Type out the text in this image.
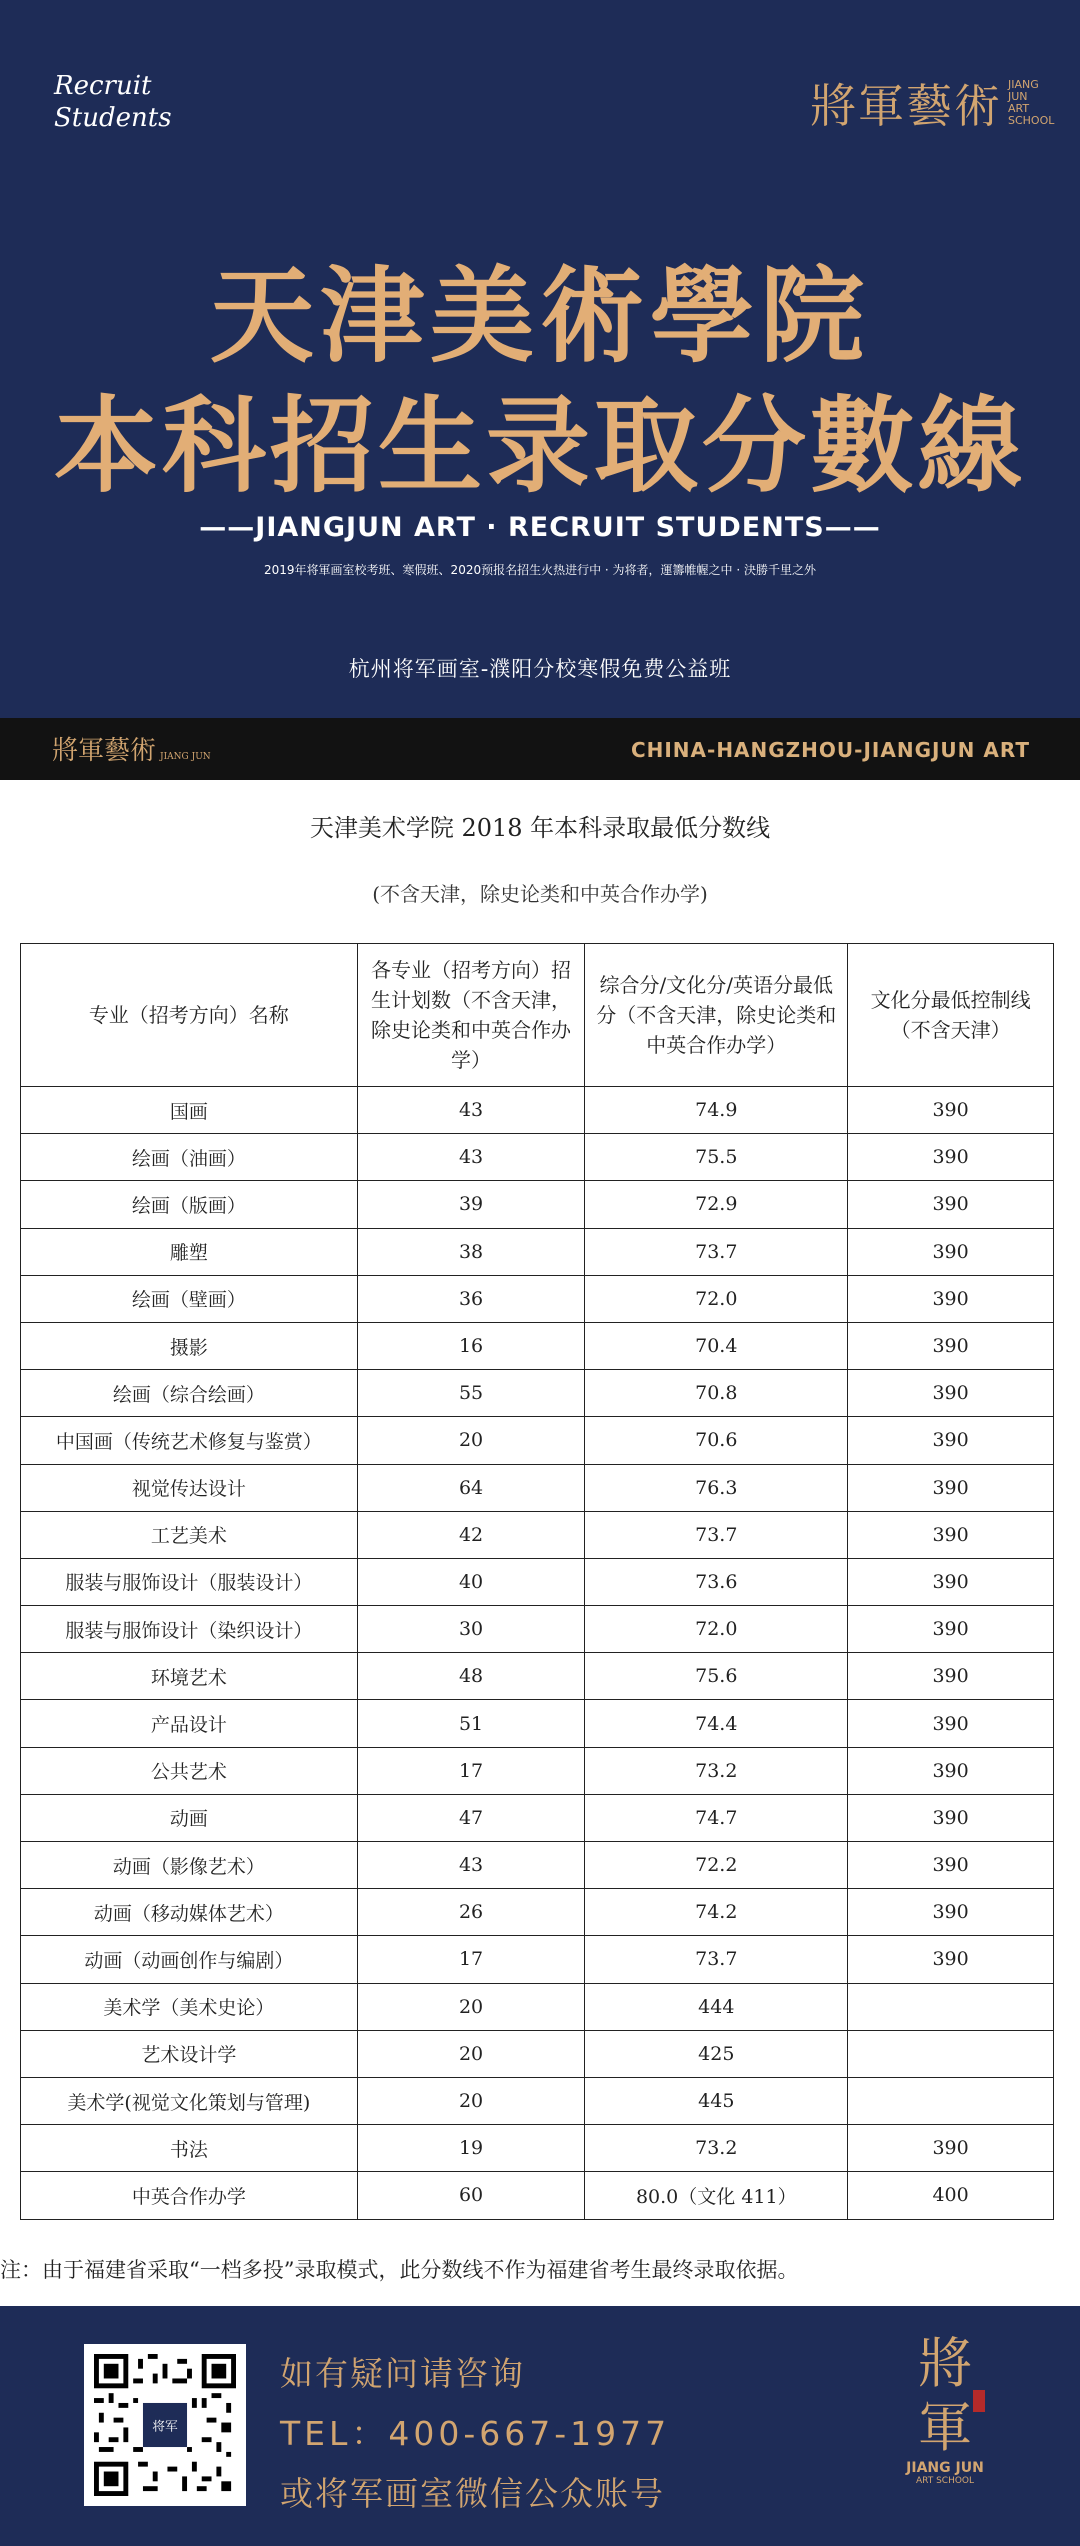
Recruit
Students	將軍藝術 JIANG JUN ART SCHOOL
天津美術學院
本科招生录取分數線
——JIANGJUN ART · RECRUIT STUDENTS——
2019年将軍画室校考班、寒假班、2020预报名招生火热进行中 · 为将者，運籌帷幄之中 · 決勝千里之外
杭州将军画室-濮阳分校寒假免费公益班
將軍藝術 JIANG JUN	CHINA-HANGZHOU-JIANGJUN ART
天津美术学院 2018 年本科录取最低分数线
(不含天津，除史论类和中英合作办学)
专业（招考方向）名称	各专业（招考方向）招生计划数（不含天津，除史论类和中英合作办学）	综合分/文化分/英语分最低分（不含天津，除史论类和中英合作办学）	文化分最低控制线（不含天津）
国画	43	74.9	390
绘画（油画）	43	75.5	390
绘画（版画）	39	72.9	390
雕塑	38	73.7	390
绘画（壁画）	36	72.0	390
摄影	16	70.4	390
绘画（综合绘画）	55	70.8	390
中国画（传统艺术修复与鉴赏）	20	70.6	390
视觉传达设计	64	76.3	390
工艺美术	42	73.7	390
服装与服饰设计（服装设计）	40	73.6	390
服装与服饰设计（染织设计）	30	72.0	390
环境艺术	48	75.6	390
产品设计	51	74.4	390
公共艺术	17	73.2	390
动画	47	74.7	390
动画（影像艺术）	43	72.2	390
动画（移动媒体艺术）	26	74.2	390
动画（动画创作与编剧）	17	73.7	390
美术学（美术史论）	20	444	
艺术设计学	20	425	
美术学(视觉文化策划与管理)	20	445	
书法	19	73.2	390
中英合作办学	60	80.0（文化 411）	400
注：由于福建省采取“一档多投”录取模式，此分数线不作为福建省考生最终录取依据。
将军
如有疑问请咨询
TEL：400-667-1977
或将军画室微信公众账号
將
軍
JIANG JUN
ART SCHOOL
